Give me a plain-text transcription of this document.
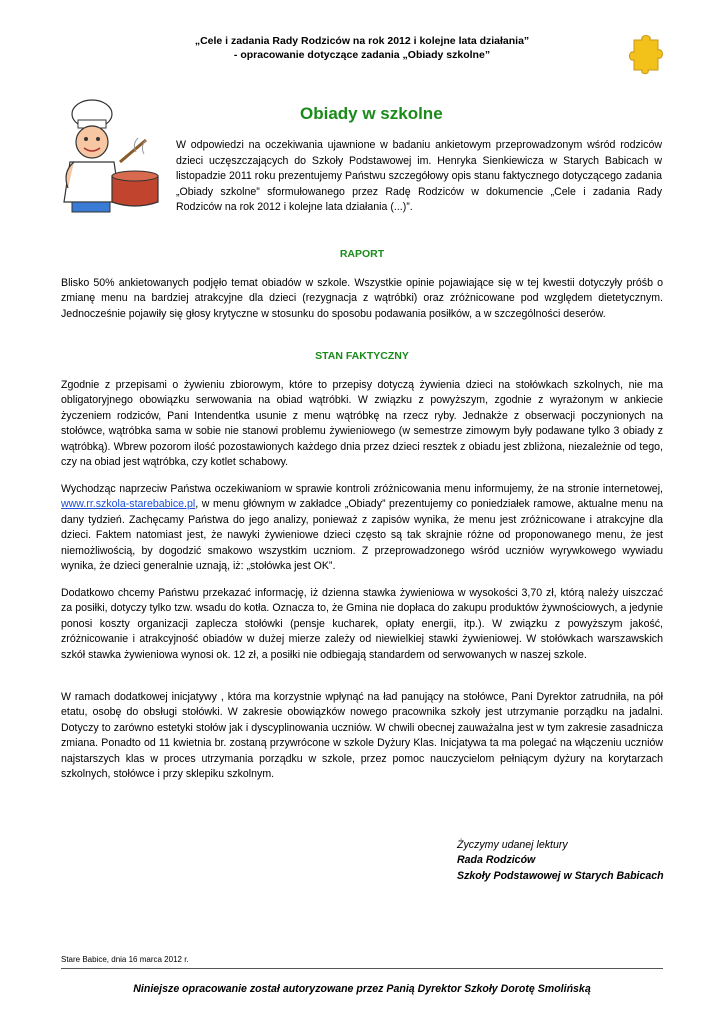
„Cele i zadania Rady Rodziców na rok 2012 i kolejne lata działania”
- opracowanie dotyczące zadania „Obiady szkolne”
Obiady w szkolne
W odpowiedzi na oczekiwania ujawnione w badaniu ankietowym przeprowadzonym wśród rodziców dzieci uczęszczających do Szkoły Podstawowej im. Henryka Sienkiewicza w Starych Babicach w listopadzie 2011 roku prezentujemy Państwu szczegółowy opis stanu faktycznego dotyczącego zadania „Obiady szkolne” sformułowanego przez Radę Rodziców w dokumencie „Cele i zadania Rady Rodziców na rok 2012 i kolejne lata działania (...)”.
RAPORT
Blisko 50% ankietowanych podjęło temat obiadów w szkole. Wszystkie opinie pojawiające się w tej kwestii dotyczyły próśb o zmianę menu na bardziej atrakcyjne dla dzieci (rezygnacja z wątróbki) oraz zróżnicowane pod względem dietetycznym. Jednocześnie pojawiły się głosy krytyczne w stosunku do sposobu podawania posiłków, a w szczególności deserów.
STAN FAKTYCZNY
Zgodnie z przepisami o żywieniu zbiorowym, które to przepisy dotyczą żywienia dzieci na stołówkach szkolnych, nie ma obligatoryjnego obowiązku serwowania na obiad wątróbki. W związku z powyższym, zgodnie z wyrażonym w ankiecie życzeniem rodziców, Pani Intendentka usunie z menu wątróbkę na rzecz ryby. Jednakże z obserwacji poczynionych na stołówce, wątróbka sama w sobie nie stanowi problemu żywieniowego (w semestrze zimowym były podawane tylko 3 obiady z wątróbką). Wbrew pozorom ilość pozostawionych każdego dnia przez dzieci resztek z obiadu jest zbliżona, niezależnie od tego, czy na obiad jest wątróbka, czy kotlet schabowy.
Wychodząc naprzeciw Państwa oczekiwaniom w sprawie kontroli zróżnicowania menu informujemy, że na stronie internetowej, www.rr.szkola-starebabice.pl, w menu głównym w zakładce „Obiady” prezentujemy co poniedziałek ramowe, aktualne menu na dany tydzień. Zachęcamy Państwa do jego analizy, ponieważ z zapisów wynika, że menu jest zróżnicowane i atrakcyjne dla dzieci. Faktem natomiast jest, że nawyki żywieniowe dzieci często są tak skrajnie różne od proponowanego menu, że jest niemożliwością, by dogodzić smakowo wszystkim uczniom. Z przeprowadzonego wśród uczniów wyrywkowego wywiadu wynika, że dzieci generalnie uznają, iż: „stołówka jest OK”.
Dodatkowo chcemy Państwu przekazać informację, iż dzienna stawka żywieniowa w wysokości 3,70 zł, którą należy uiszczać za posiłki, dotyczy tylko tzw. wsadu do kotła. Oznacza to, że Gmina nie dopłaca do zakupu produktów żywnościowych, a jedynie ponosi koszty organizacji zaplecza stołówki (pensje kucharek, opłaty energii, itp.). W związku z powyższym jakość, zróżnicowanie i atrakcyjność obiadów w dużej mierze zależy od niewielkiej stawki żywieniowej. W stołówkach warszawskich szkół stawka żywieniowa wynosi ok. 12 zł, a posiłki nie odbiegają standardem od serwowanych w naszej szkole.
W ramach dodatkowej inicjatywy , która ma korzystnie wpłynąć na ład panujący na stołówce, Pani Dyrektor zatrudniła, na pół etatu, osobę do obsługi stołówki. W zakresie obowiązków nowego pracownika szkoły jest utrzymanie porządku na jadalni. Dotyczy to zarówno estetyki stołów jak i dyscyplinowania uczniów. W chwili obecnej zauważalna jest w tym zakresie zasadnicza zmiana. Ponadto od 11 kwietnia br. zostaną przywrócone w szkole Dyżury Klas. Inicjatywa ta ma polegać na włączeniu uczniów najstarszych klas w proces utrzymania porządku w szkole, przez pomoc nauczycielom pełniącym dyżury na korytarzach szkolnych, stołówce i przy sklepiku szkolnym.
Życzymy udanej lektury
Rada Rodziców
Szkoły Podstawowej w Starych Babicach
Stare Babice, dnia 16 marca 2012 r.
Niniejsze opracowanie został autoryzowane przez Panią Dyrektor Szkoły Dorotę Smolińską
